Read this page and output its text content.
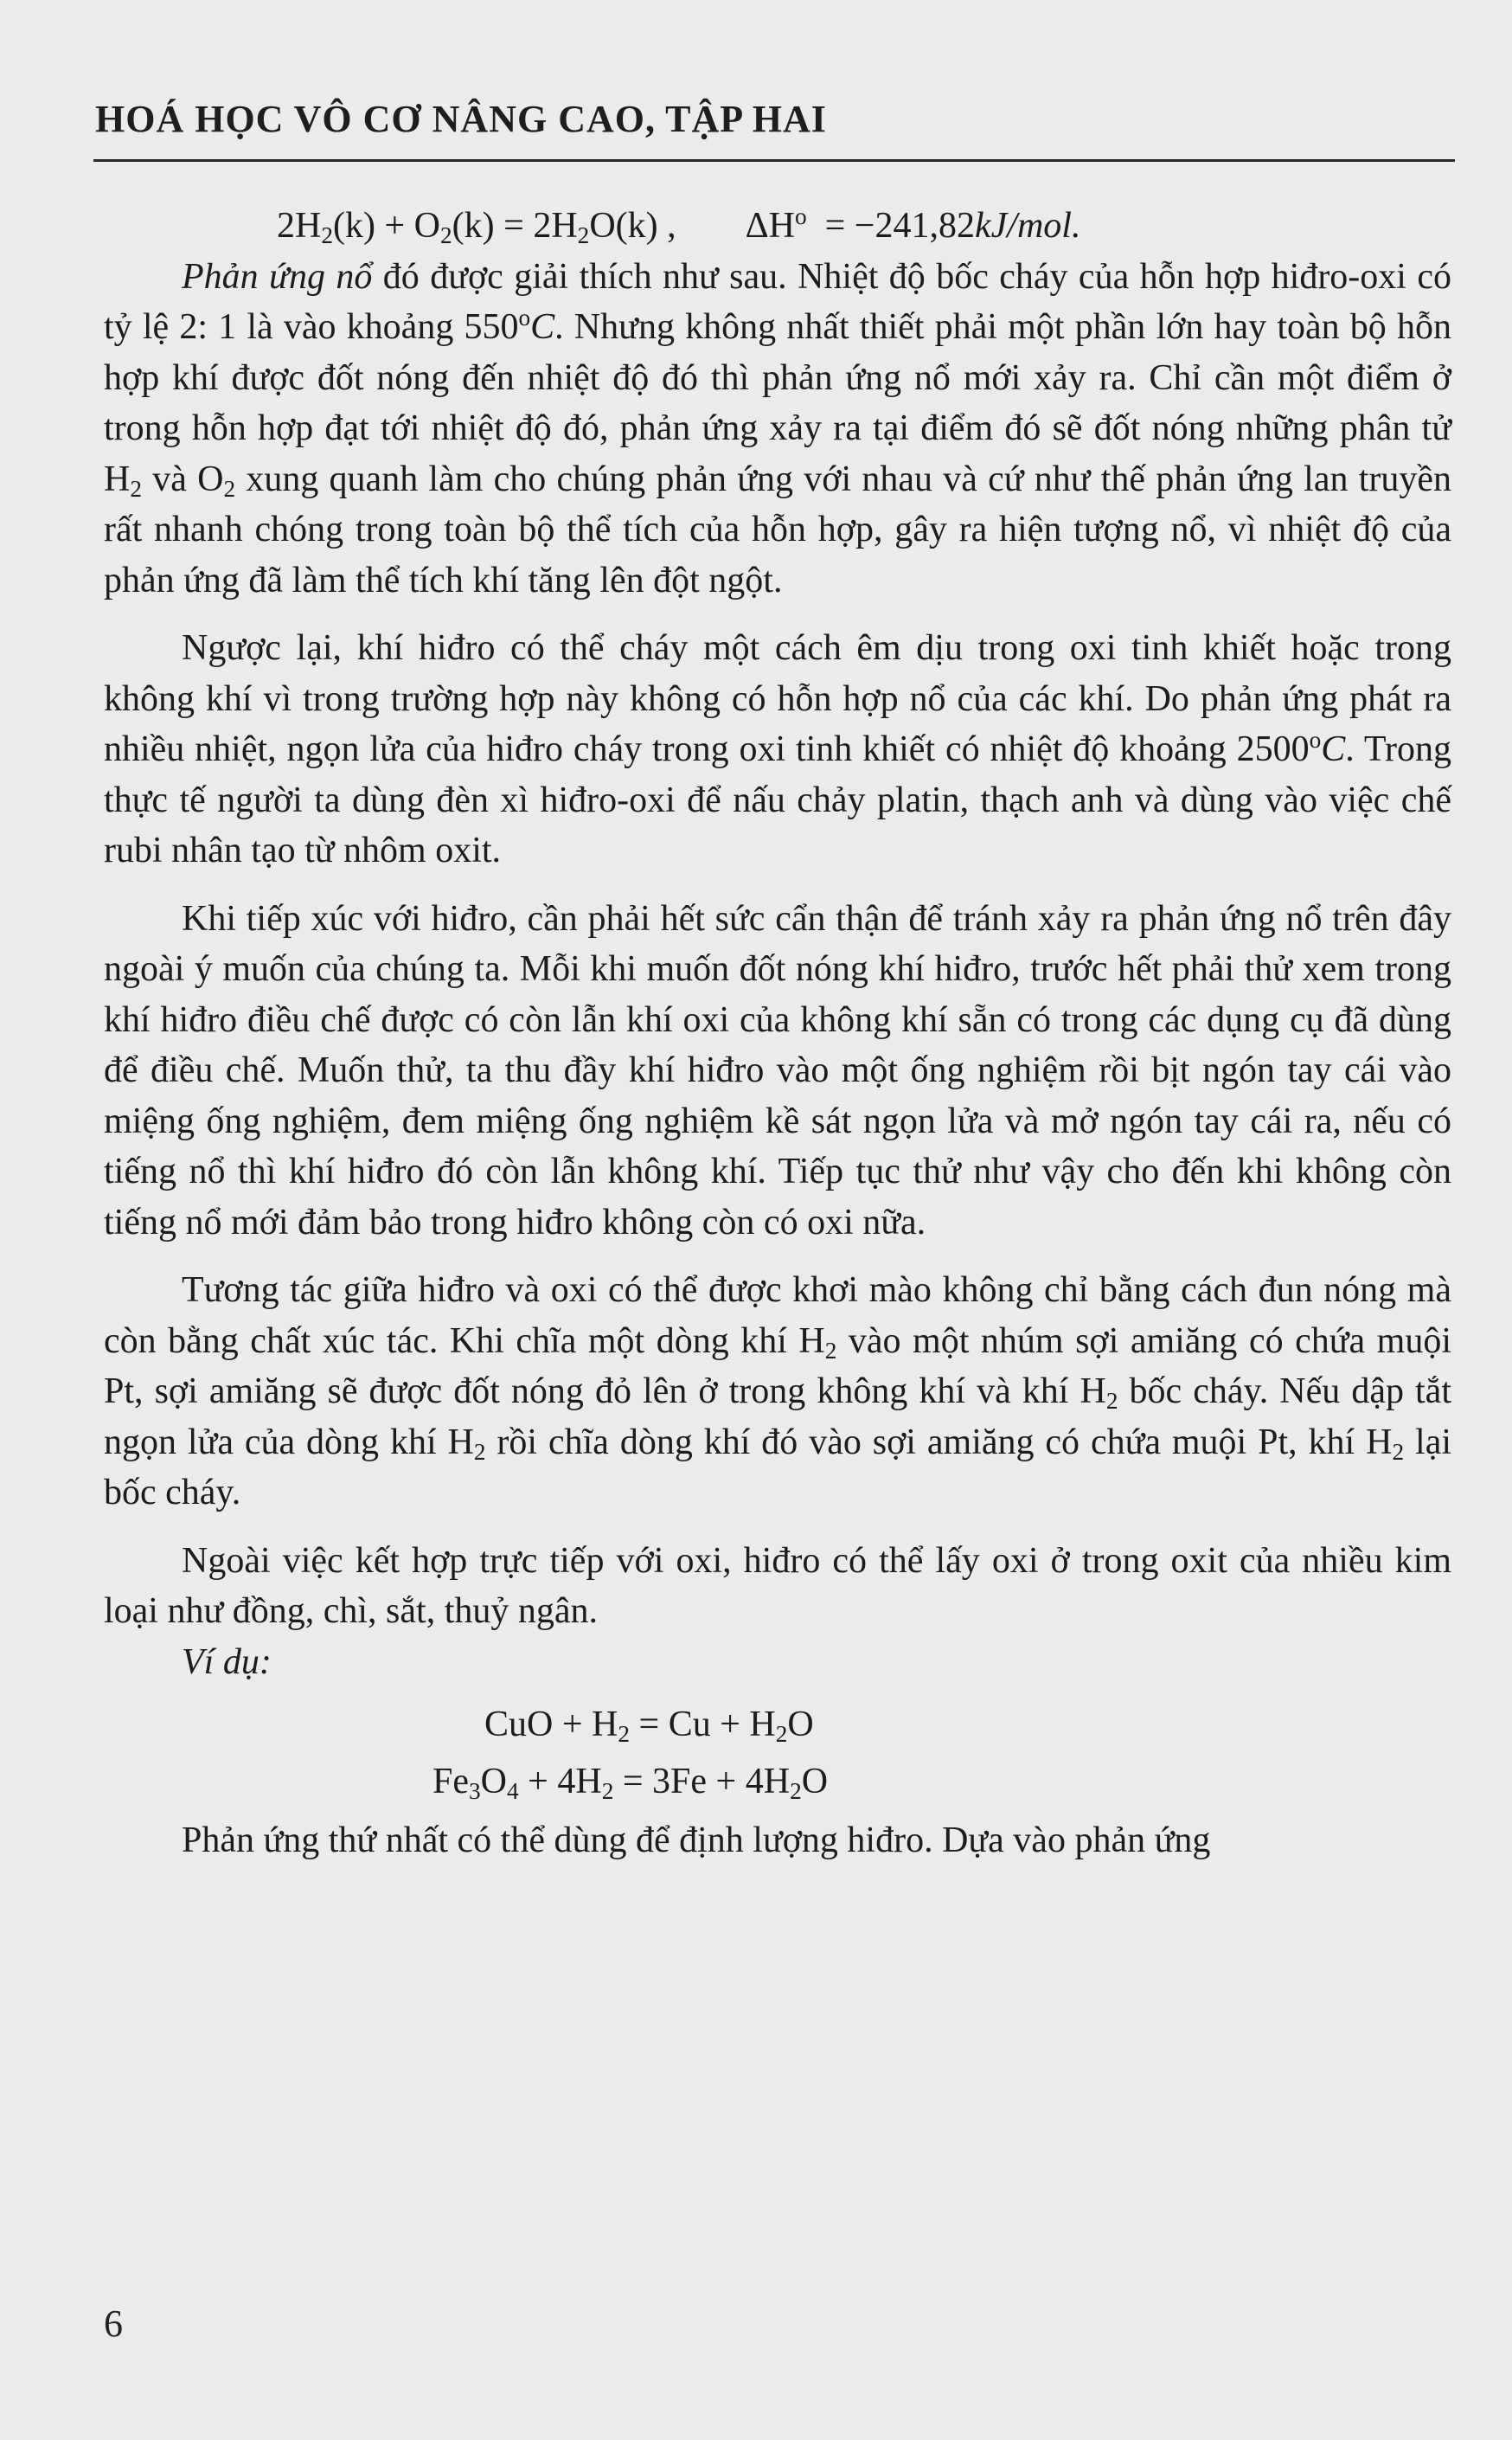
HOÁ HỌC VÔ CƠ NÂNG CAO, TẬP HAI
$2H_2(k) + O_2(k) = 2H_2O(k)$ , $\Delta H^o = -241,82kJ/mol$.

Phản ứng nổ đó được giải thích như sau. Nhiệt độ bốc cháy của hỗn hợp hiđro-oxi có tỷ lệ 2: 1 là vào khoảng 550$^o$C. Nhưng không nhất thiết phải một phần lớn hay toàn bộ hỗn hợp khí được đốt nóng đến nhiệt độ đó thì phản ứng nổ mới xảy ra. Chỉ cần một điểm ở trong hỗn hợp đạt tới nhiệt độ đó, phản ứng xảy ra tại điểm đó sẽ đốt nóng những phân tử $H_2$ và $O_2$ xung quanh làm cho chúng phản ứng với nhau và cứ như thế phản ứng lan truyền rất nhanh chóng trong toàn bộ thể tích của hỗn hợp, gây ra hiện tượng nổ, vì nhiệt độ của phản ứng đã làm thể tích khí tăng lên đột ngột.

Ngược lại, khí hiđro có thể cháy một cách êm dịu trong oxi tinh khiết hoặc trong không khí vì trong trường hợp này không có hỗn hợp nổ của các khí. Do phản ứng phát ra nhiều nhiệt, ngọn lửa của hiđro cháy trong oxi tinh khiết có nhiệt độ khoảng 2500$^o$C. Trong thực tế người ta dùng đèn xì hiđro-oxi để nấu chảy platin, thạch anh và dùng vào việc chế rubi nhân tạo từ nhôm oxit.

Khi tiếp xúc với hiđro, cần phải hết sức cẩn thận để tránh xảy ra phản ứng nổ trên đây ngoài ý muốn của chúng ta. Mỗi khi muốn đốt nóng khí hiđro, trước hết phải thử xem trong khí hiđro điều chế được có còn lẫn khí oxi của không khí sẵn có trong các dụng cụ đã dùng để điều chế. Muốn thử, ta thu đầy khí hiđro vào một ống nghiệm rồi bịt ngón tay cái vào miệng ống nghiệm, đem miệng ống nghiệm kề sát ngọn lửa và mở ngón tay cái ra, nếu có tiếng nổ thì khí hiđro đó còn lẫn không khí. Tiếp tục thử như vậy cho đến khi không còn tiếng nổ mới đảm bảo trong hiđro không còn có oxi nữa.

Tương tác giữa hiđro và oxi có thể được khơi mào không chỉ bằng cách đun nóng mà còn bằng chất xúc tác. Khi chĩa một dòng khí $H_2$ vào một nhúm sợi amiăng có chứa muội Pt, sợi amiăng sẽ được đốt nóng đỏ lên ở trong không khí và khí $H_2$ bốc cháy. Nếu dập tắt ngọn lửa của dòng khí $H_2$ rồi chĩa dòng khí đó vào sợi amiăng có chứa muội Pt, khí $H_2$ lại bốc cháy.

Ngoài việc kết hợp trực tiếp với oxi, hiđro có thể lấy oxi ở trong oxit của nhiều kim loại như đồng, chì, sắt, thuỷ ngân.

Ví dụ:
CuO + $H_2 = Cu + H_2O$
$Fe_3O_4 + 4H_2 = 3Fe + 4H_2O$

Phản ứng thứ nhất có thể dùng để định lượng hiđro. Dựa vào phản ứng

6
